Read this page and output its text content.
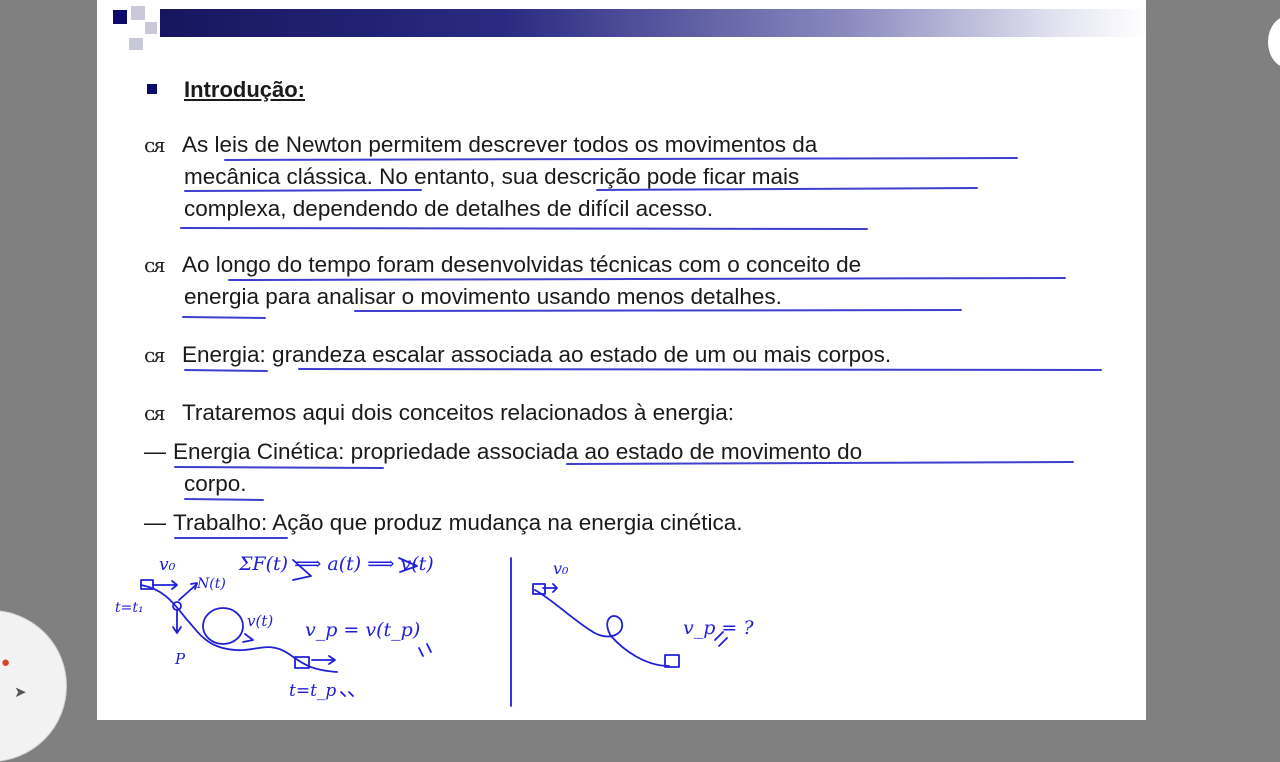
Introdução:
ᴄᴙ As leis de Newton permitem descrever todos os movimentos da
mecânica clássica. No entanto, sua descrição pode ficar mais
complexa, dependendo de detalhes de difícil acesso.
ᴄᴙ Ao longo do tempo foram desenvolvidas técnicas com o conceito de
energia para analisar o movimento usando menos detalhes.
ᴄᴙ Energia: grandeza escalar associada ao estado de um ou mais corpos.
ᴄᴙ Trataremos aqui dois conceitos relacionados à energia:
— Energia Cinética: propriedade associada ao estado de movimento do
corpo.
— Trabalho: Ação que produz mudança na energia cinética.
v₀	ΣF(t) ⟹ a(t) ⟹ v(t)
N(t)
t=t₁
v(t)
P
v_p = v(t_p)
t=t_p
v₀
v_p = ?
●
➤
